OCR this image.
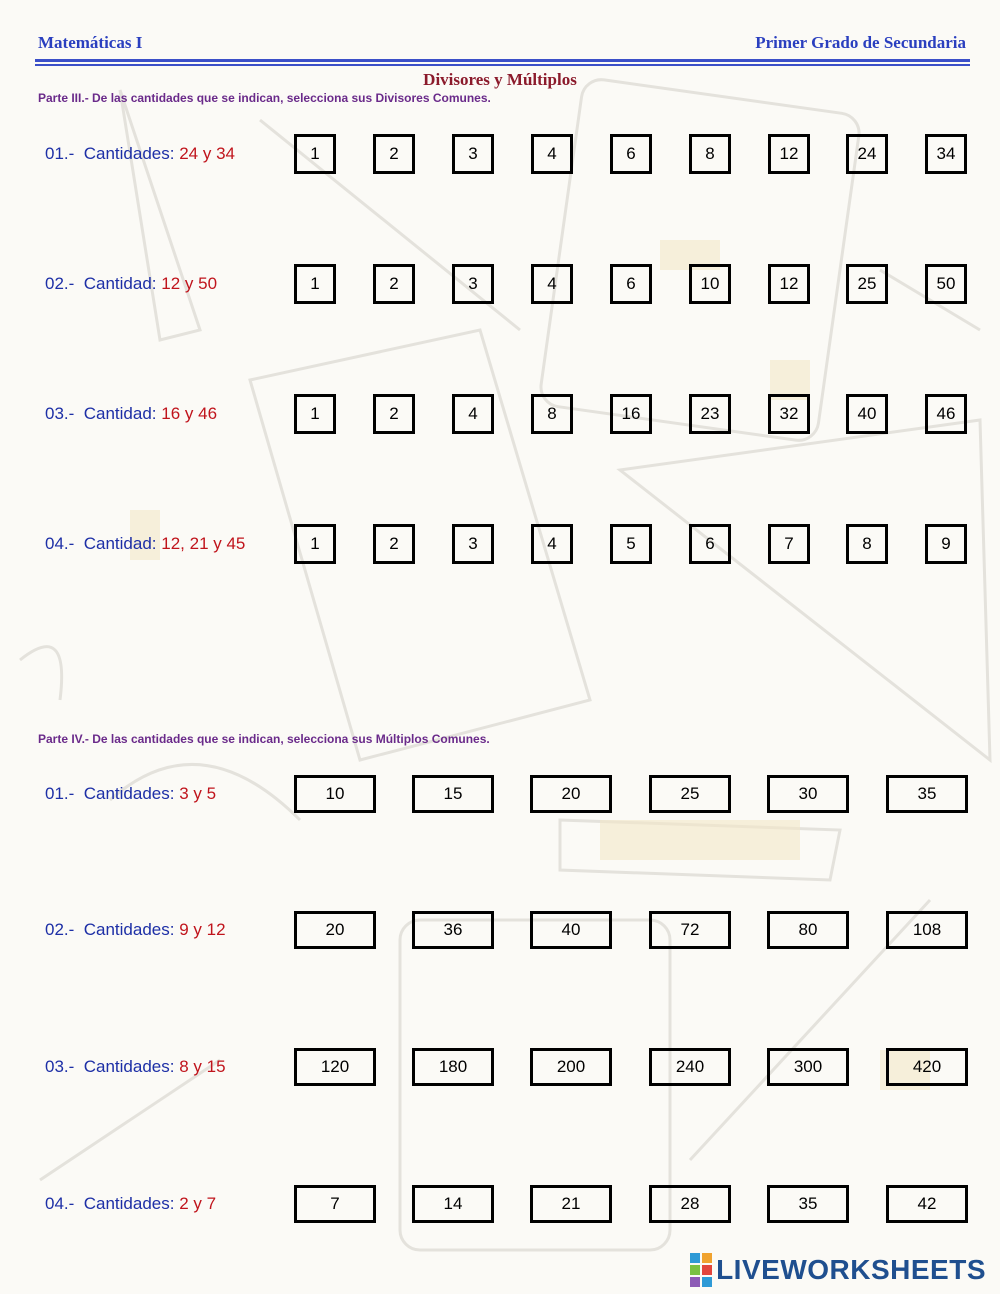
Matemáticas I	Primer Grado de Secundaria
Divisores y Múltiplos
Parte III.- De las cantidades que se indican, selecciona sus Divisores Comunes.
Parte IV.- De las cantidades que se indican, selecciona sus Múltiplos Comunes.
01.- Cantidades: 24 y 34	1	2	3	4	6	8	12	24	34
02.- Cantidad: 12 y 50	1	2	3	4	6	10	12	25	50
03.- Cantidad: 16 y 46	1	2	4	8	16	23	32	40	46
04.- Cantidad: 12, 21 y 45	1	2	3	4	5	6	7	8	9
01.- Cantidades: 3 y 5	10	15	20	25	30	35
02.- Cantidades: 9 y 12	20	36	40	72	80	108
03.- Cantidades: 8 y 15	120	180	200	240	300	420
04.- Cantidades: 2 y 7	7	14	21	28	35	42
LIVEWORKSHEETS
